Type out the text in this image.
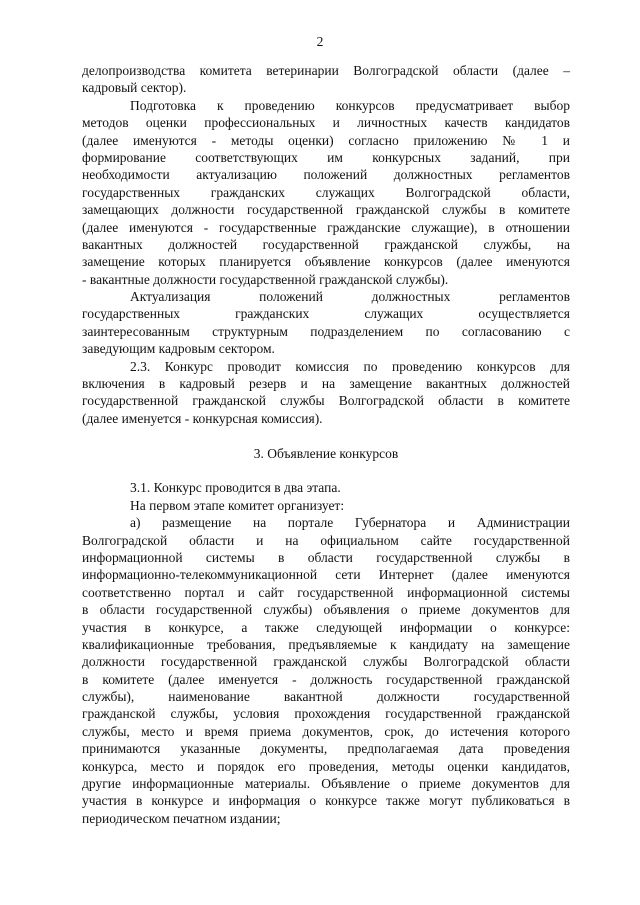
2
делопроизводства комитета ветеринарии Волгоградской области (далее –
кадровый сектор).
Подготовка к проведению конкурсов предусматривает выбор
методов оценки профессиональных и личностных качеств кандидатов
(далее именуются - методы оценки) согласно приложению № 1 и
формирование соответствующих им конкурсных заданий, при
необходимости актуализацию положений должностных регламентов
государственных гражданских служащих Волгоградской области,
замещающих должности государственной гражданской службы в комитете
(далее именуются - государственные гражданские служащие), в отношении
вакантных должностей государственной гражданской службы, на
замещение которых планируется объявление конкурсов (далее именуются
- вакантные должности государственной гражданской службы).
Актуализация положений должностных регламентов
государственных гражданских служащих осуществляется
заинтересованным структурным подразделением по согласованию с
заведующим кадровым сектором.
2.3. Конкурс проводит комиссия по проведению конкурсов для
включения в кадровый резерв и на замещение вакантных должностей
государственной гражданской службы Волгоградской области в комитете
(далее именуется - конкурсная комиссия).
3. Объявление конкурсов
3.1. Конкурс проводится в два этапа.
На первом этапе комитет организует:
а) размещение на портале Губернатора и Администрации
Волгоградской области и на официальном сайте государственной
информационной системы в области государственной службы в
информационно-телекоммуникационной сети Интернет (далее именуются
соответственно портал и сайт государственной информационной системы
в области государственной службы) объявления о приеме документов для
участия в конкурсе, а также следующей информации о конкурсе:
квалификационные требования, предъявляемые к кандидату на замещение
должности государственной гражданской службы Волгоградской области
в комитете (далее именуется - должность государственной гражданской
службы), наименование вакантной должности государственной
гражданской службы, условия прохождения государственной гражданской
службы, место и время приема документов, срок, до истечения которого
принимаются указанные документы, предполагаемая дата проведения
конкурса, место и порядок его проведения, методы оценки кандидатов,
другие информационные материалы. Объявление о приеме документов для
участия в конкурсе и информация о конкурсе также могут публиковаться в
периодическом печатном издании;
